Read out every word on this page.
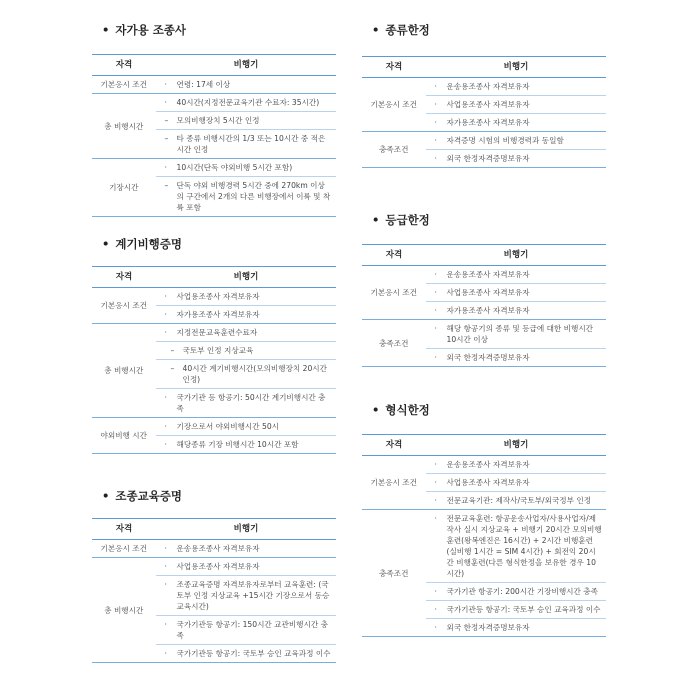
• 자가용 조종사
자격	비행기
기본응시 조건	· 연령: 17세 이상
총 비행시간	· 40시간(지정전문교육기관 수료자: 35시간)

	– 모의비행장치 5시간 인정

	– 타 종류 비행시간의 1/3 또는 10시간 중 적은 시간 인정
기장시간	· 10시간(단독 야외비행 5시간 포함)

	– 단독 야외 비행경력 5시간 중에 270km 이상의 구간에서 2개의 다른 비행장에서 이륙 및 착륙 포함
• 계기비행증명
자격	비행기
기본응시 조건	· 사업용조종사 자격보유자

	· 자가용조종사 자격보유자
총 비행시간	· 지정전문교육훈련수료자

	– 국토부 인정 지상교육

	– 40시간 계기비행시간(모의비행장치 20시간 인정)

	· 국가기관 등 항공기: 50시간 계기비행시간 충족
야외비행 시간	· 기장으로서 야외비행시간 50시

	· 해당종류 기장 비행시간 10시간 포함
• 조종교육증명
자격	비행기
기본응시 조건	· 운송용조종사 자격보유자
총 비행시간	· 사업용조종사 자격보유자

	· 조종교육증명 자격보유자로부터 교육훈련: (국토부 인정 지상교육 +15시간 기장으로서 동승 교육시간)

	· 국가기관등 항공기: 150시간 교관비행시간 충족

	· 국가기관등 항공기: 국토부 승인 교육과정 이수
• 종류한정
자격	비행기
기본응시 조건	· 운송용조종사 자격보유자

	· 사업용조종사 자격보유자

	· 자가용조종사 자격보유자
충족조건	· 자격증명 시험의 비행경력과 동일함

	· 외국 한정자격증명보유자
• 등급한정
자격	비행기
기본응시 조건	· 운송용조종사 자격보유자

	· 사업용조종사 자격보유자

	· 자가용조종사 자격보유자
충족조건	· 해당 항공기의 종류 및 등급에 대한 비행시간 10시간 이상

	· 외국 한정자격증명보유자
• 형식한정
자격	비행기
기본응시 조건	· 운송용조종사 자격보유자

	· 사업용조종사 자격보유자

	· 전문교육기관: 제작사/국토부/외국정부 인정
충족조건	· 전문교육훈련: 항공운송사업자/사용사업자/제작사 실시 지상교육 + 비행기 20시간 모의비행훈련(왕복엔진은 16시간) + 2시간 비행훈련(실비행 1시간 = SIM 4시간) + 회전익 20시간 비행훈련(다른 형식한정을 보유한 경우 10시간)

	· 국가기관 항공기: 200시간 기장비행시간 충족

	· 국가기관등 항공기: 국토부 승인 교육과정 이수

	· 외국 한정자격증명보유자
